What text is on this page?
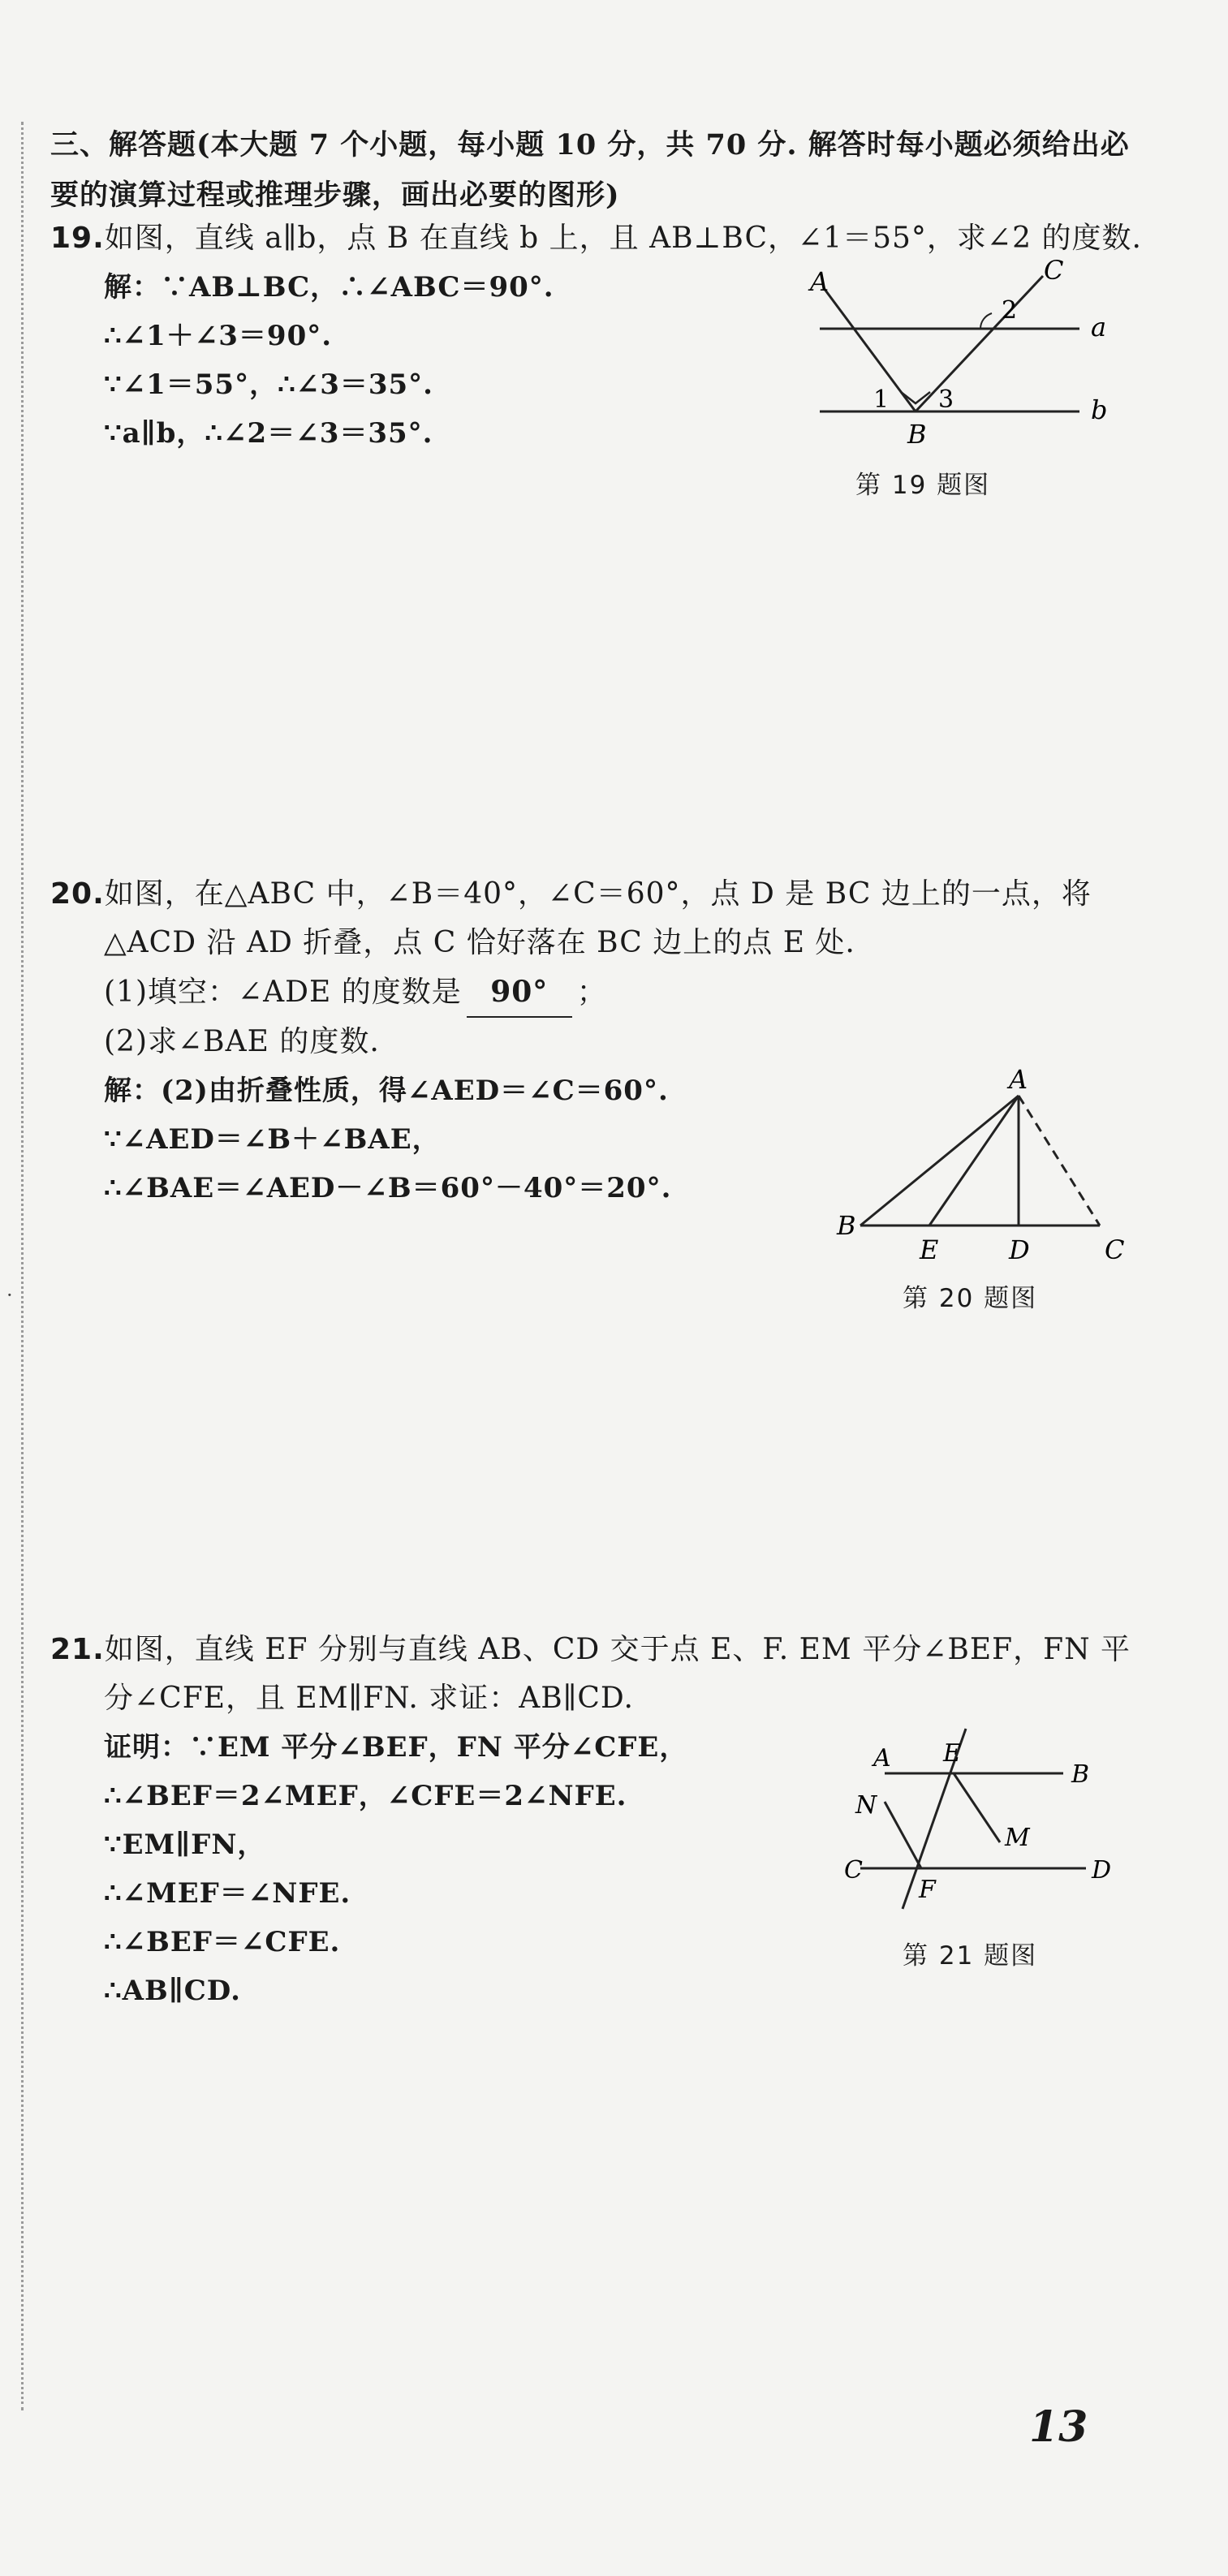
·
三、解答题(本大题 7 个小题，每小题 10 分，共 70 分. 解答时每小题必须给出必要的演算过程或推理步骤，画出必要的图形)
19.如图，直线 a∥b，点 B 在直线 b 上，且 AB⊥BC，∠1＝55°，求∠2 的度数.
解：∵AB⊥BC，∴∠ABC＝90°.
∴∠1＋∠3＝90°.
∵∠1＝55°，∴∠3＝35°.
∵a∥b，∴∠2＝∠3＝35°.
A	C
a
b
B
1
2
3
第 19 题图
20.如图，在△ABC 中，∠B＝40°，∠C＝60°，点 D 是 BC 边上的一点，将
△ACD 沿 AD 折叠，点 C 恰好落在 BC 边上的点 E 处.
(1)填空：∠ADE 的度数是 90° ；
(2)求∠BAE 的度数.
解：(2)由折叠性质，得∠AED＝∠C＝60°.
∵∠AED＝∠B＋∠BAE，
∴∠BAE＝∠AED－∠B＝60°－40°＝20°.
A
B
E	D	C
第 20 题图
21.如图，直线 EF 分别与直线 AB、CD 交于点 E、F. EM 平分∠BEF，FN 平
分∠CFE，且 EM∥FN. 求证：AB∥CD.
证明：∵EM 平分∠BEF，FN 平分∠CFE，
∴∠BEF＝2∠MEF，∠CFE＝2∠NFE.
∵EM∥FN，
∴∠MEF＝∠NFE.
∴∠BEF＝∠CFE.
∴AB∥CD.
A E
B
N
M
C
F
D
第 21 题图
13
